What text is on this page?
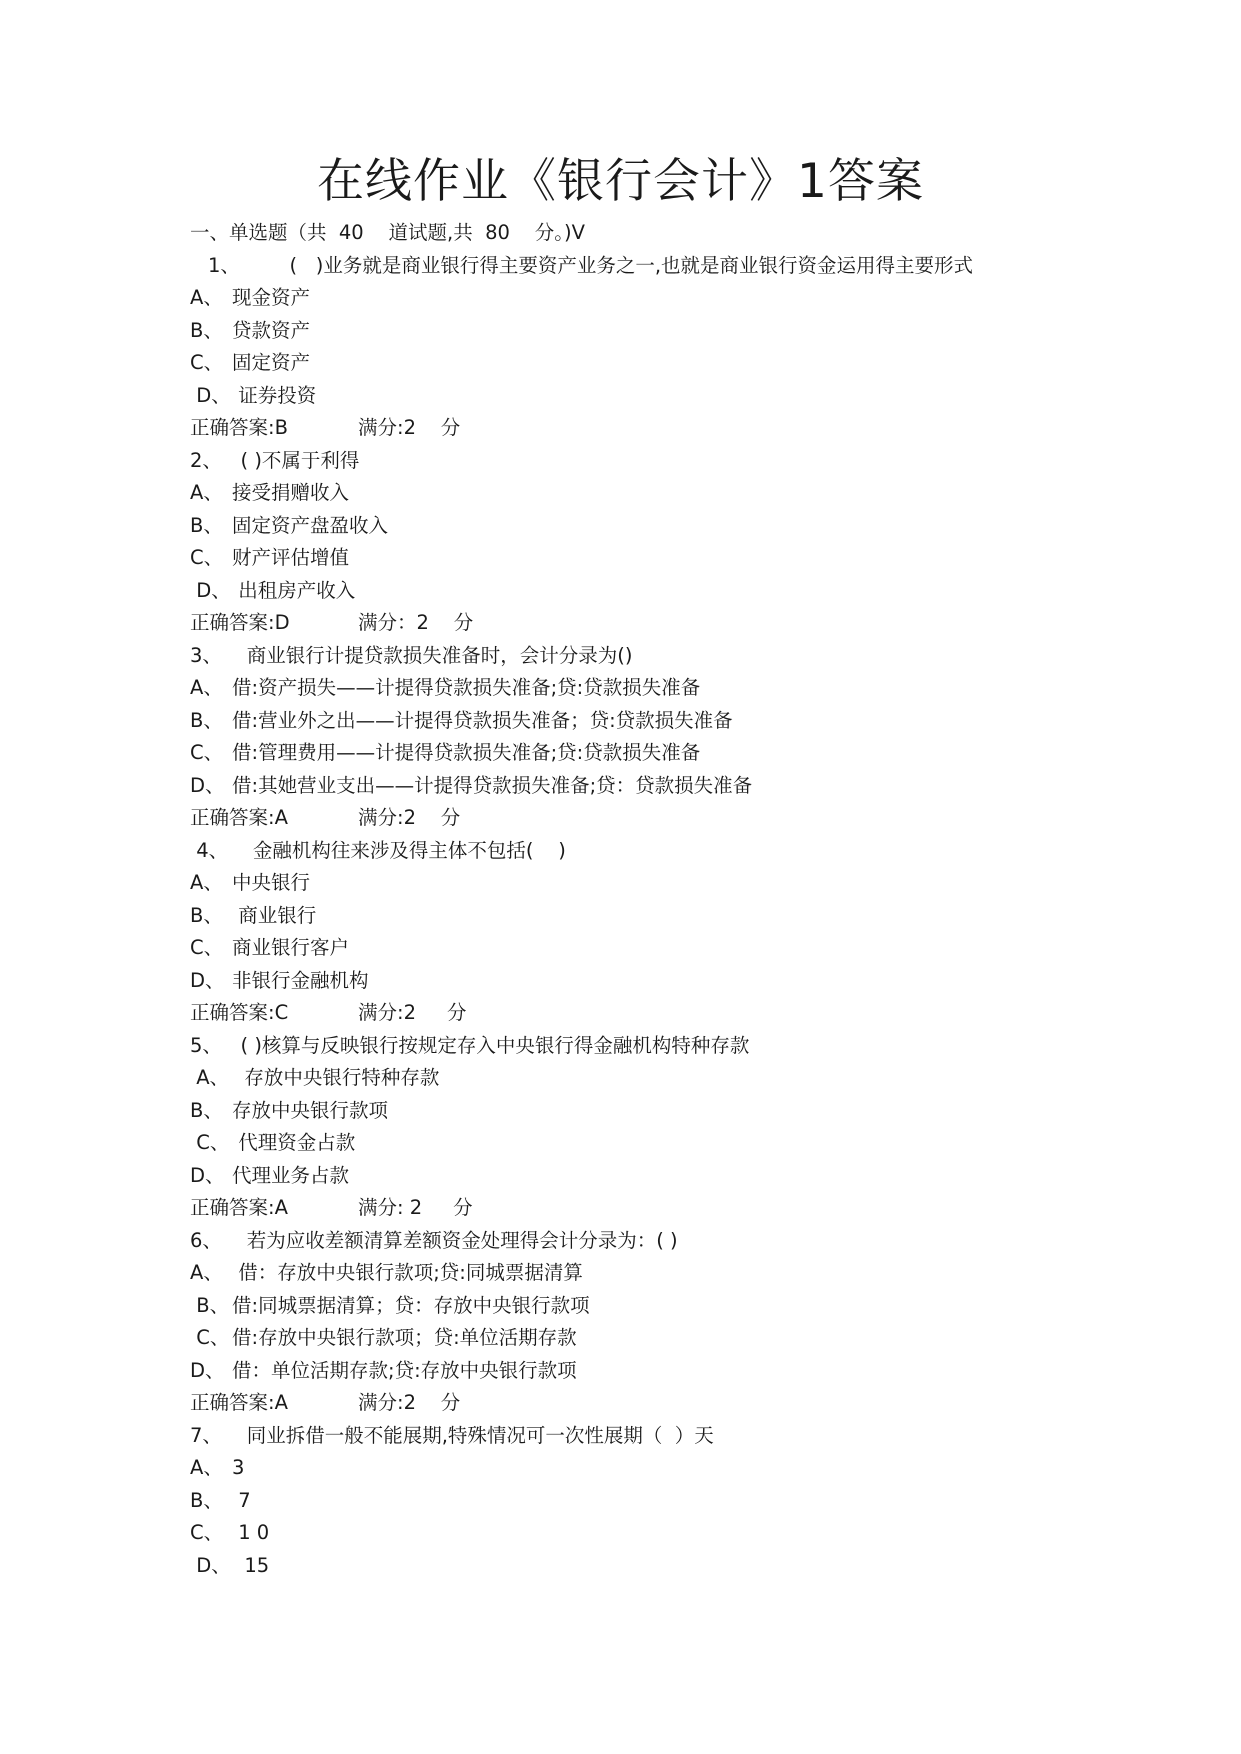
在线作业《银行会计》1答案
一、单选题（共  40    道试题,共  80    分。)V
1、        (   )业务就是商业银行得主要资产业务之一,也就是商业银行资金运用得主要形式
A、 现金资产
B、 贷款资产
C、 固定资产
D、 证券投资
正确答案:B	满分:2    分
2、   ( )不属于利得
A、 接受捐赠收入
B、 固定资产盘盈收入
C、 财产评估增值
D、 出租房产收入
正确答案:D	满分：2    分
3、    商业银行计提贷款损失准备时，会计分录为()
A、 借:资产损失——计提得贷款损失准备;贷:贷款损失准备
B、 借:营业外之出——计提得贷款损失准备；贷:贷款损失准备
C、 借:管理费用——计提得贷款损失准备;贷:贷款损失准备
D、 借:其她营业支出——计提得贷款损失准备;贷：贷款损失准备
正确答案:A	满分:2    分
4、    金融机构往来涉及得主体不包括(    )
A、 中央银行
B、 商业银行
C、 商业银行客户
D、 非银行金融机构
正确答案:C	满分:2     分
5、   ( )核算与反映银行按规定存入中央银行得金融机构特种存款
A、  存放中央银行特种存款
B、 存放中央银行款项
C、 代理资金占款
D、 代理业务占款
正确答案:A	满分: 2     分
6、    若为应收差额清算差额资金处理得会计分录为：( )
A、 借：存放中央银行款项;贷:同城票据清算
B、 借:同城票据清算；贷：存放中央银行款项
C、 借:存放中央银行款项；贷:单位活期存款
D、 借：单位活期存款;贷:存放中央银行款项
正确答案:A	满分:2    分
7、    同业拆借一般不能展期,特殊情况可一次性展期（  ）天
A、 3
B、 7
C、 1 0
D、  15
